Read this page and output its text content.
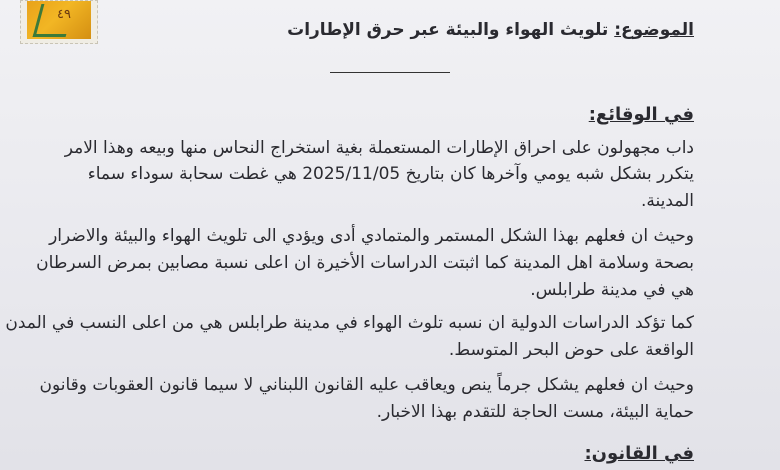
٤٩
الموضوع: تلويث الهواء والبيئة عبر حرق الإطارات
في الوقائع:
داب مجهولون على احراق الإطارات المستعملة بغية استخراج النحاس منها وبيعه وهذا الامر
يتكرر بشكل شبه يومي وآخرها كان بتاريخ 2025/11/05 هي غطت سحابة سوداء سماء
المدينة.
وحيث ان فعلهم بهذا الشكل المستمر والمتمادي أدى ويؤدي الى تلويث الهواء والبيئة والاضرار
بصحة وسلامة اهل المدينة كما اثبتت الدراسات الأخيرة ان اعلى نسبة مصابين بمرض السرطان
هي في مدينة طرابلس.
كما تؤكد الدراسات الدولية ان نسبه تلوث الهواء في مدينة طرابلس هي من اعلى النسب في المدن
الواقعة على حوض البحر المتوسط.
وحيث ان فعلهم يشكل جرماً ينص ويعاقب عليه القانون اللبناني لا سيما قانون العقوبات وقانون
حماية البيئة، مست الحاجة للتقدم بهذا الاخبار.
في القانون:
